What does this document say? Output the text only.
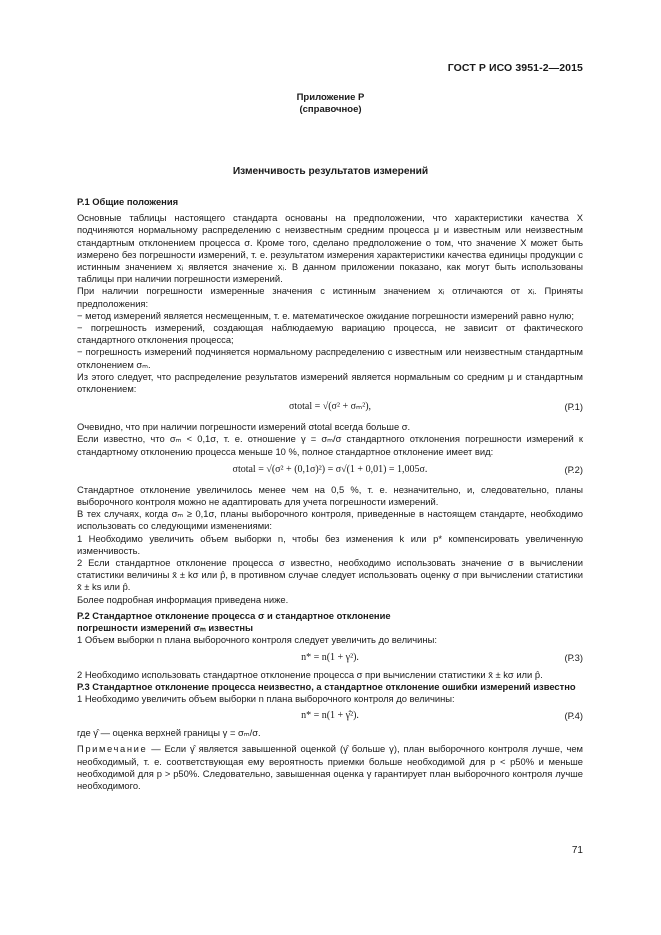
ГОСТ Р ИСО 3951-2—2015
Приложение Р
(справочное)
Изменчивость результатов измерений

Р.1 Общие положения

Основные таблицы настоящего стандарта основаны на предположении, что характеристики качества X подчиняются нормальному распределению с неизвестным средним процесса μ и известным или неизвестным стандартным отклонением процесса σ. Кроме того, сделано предположение о том, что значение X может быть измерено без погрешности измерений, т. е. результатом измерения характеристики качества единицы продукции с истинным значением xᵢ является значение xᵢ. В данном приложении показано, как могут быть использованы таблицы при наличии погрешности измерений.

При наличии погрешности измеренные значения с истинным значением xᵢ отличаются от xᵢ. Приняты предположения:

− метод измерений является несмещенным, т. е. математическое ожидание погрешности измерений равно нулю;

− погрешность измерений, создающая наблюдаемую вариацию процесса, не зависит от фактического стандартного отклонения процесса;

− погрешность измерений подчиняется нормальному распределению с известным или неизвестным стандартным отклонением σₘ.

Из этого следует, что распределение результатов измерений является нормальным со средним μ и стандартным отклонением:

σtotal = √(σ² + σₘ²),	(Р.1)

Очевидно, что при наличии погрешности измерений σtotal всегда больше σ.

Если известно, что σₘ < 0,1σ, т. е. отношение γ = σₘ/σ стандартного отклонения погрешности измерений к стандартному отклонению процесса меньше 10 %, полное стандартное отклонение имеет вид:

σtotal = √(σ² + (0,1σ)²) = σ√(1 + 0,01) = 1,005σ.	(Р.2)

Стандартное отклонение увеличилось менее чем на 0,5 %, т. е. незначительно, и, следовательно, планы выборочного контроля можно не адаптировать для учета погрешности измерений.

В тех случаях, когда σₘ ≥ 0,1σ, планы выборочного контроля, приведенные в настоящем стандарте, необходимо использовать со следующими изменениями:

1 Необходимо увеличить объем выборки n, чтобы без изменения k или p* компенсировать увеличенную изменчивость.

2 Если стандартное отклонение процесса σ известно, необходимо использовать значение σ в вычислении статистики величины x̄ ± kσ или p̂, в противном случае следует использовать оценку σ при вычислении статистики x̄ ± ks или p̂.

Более подробная информация приведена ниже.

Р.2 Стандартное отклонение процесса σ и стандартное отклонение

погрешности измерений σₘ известны

1 Объем выборки n плана выборочного контроля следует увеличить до величины:

n* = n(1 + γ²).	(Р.3)

2 Необходимо использовать стандартное отклонение процесса σ при вычислении статистики x̄ ± kσ или p̂.

Р.3 Стандартное отклонение процесса неизвестно, а стандартное отклонение ошибки измерений известно

1 Необходимо увеличить объем выборки n плана выборочного контроля до величины:

n* = n(1 + γ̂²).	(Р.4)

где γ̂ — оценка верхней границы γ = σₘ/σ.

Примечание — Если γ̂ является завышенной оценкой (γ̂ больше γ), план выборочного контроля лучше, чем необходимый, т. е. соответствующая ему вероятность приемки больше необходимой для p < p50% и меньше необходимой для p > p50%. Следовательно, завышенная оценка γ гарантирует план выборочного контроля лучше необходимого.

71
